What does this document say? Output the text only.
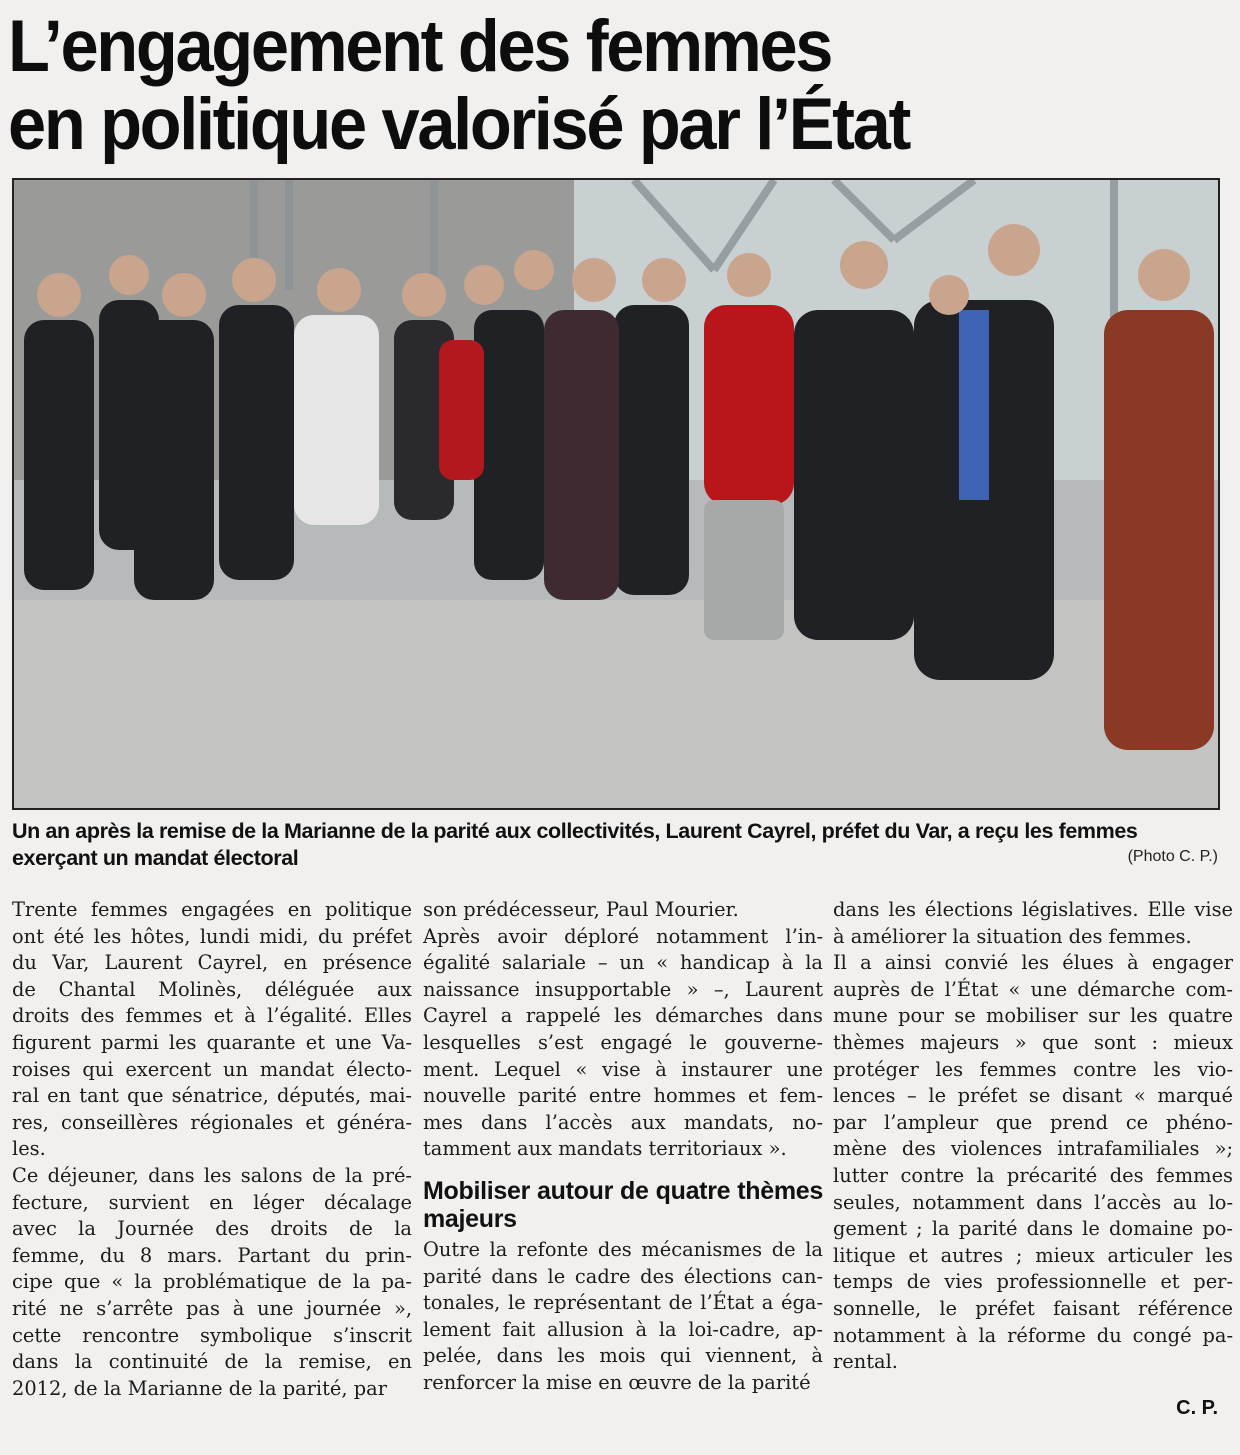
L’engagement des femmes
en politique valorisé par l’État
Un an après la remise de la Marianne de la parité aux collectivités, Laurent Cayrel, préfet du Var, a reçu les femmes exerçant un mandat électoral	(Photo C. P.)
Trente femmes engagées en politique
ont été les hôtes, lundi midi, du préfet
du Var, Laurent Cayrel, en présence
de Chantal Molinès, déléguée aux
droits des femmes et à l’égalité. Elles
figurent parmi les quarante et une Va-
roises qui exercent un mandat électo-
ral en tant que sénatrice, députés, mai-
res, conseillères régionales et généra-
les.
Ce déjeuner, dans les salons de la pré-
fecture, survient en léger décalage
avec la Journée des droits de la
femme, du 8 mars. Partant du prin-
cipe que « la problématique de la pa-
rité ne s’arrête pas à une journée »,
cette rencontre symbolique s’inscrit
dans la continuité de la remise, en
2012, de la Marianne de la parité, par
son prédécesseur, Paul Mourier.
Après avoir déploré notamment l’in-
égalité salariale – un « handicap à la
naissance insupportable » –, Laurent
Cayrel a rappelé les démarches dans
lesquelles s’est engagé le gouverne-
ment. Lequel « vise à instaurer une
nouvelle parité entre hommes et fem-
mes dans l’accès aux mandats, no-
tamment aux mandats territoriaux ».
Mobiliser autour de quatre thèmes majeurs
Outre la refonte des mécanismes de la
parité dans le cadre des élections can-
tonales, le représentant de l’État a éga-
lement fait allusion à la loi-cadre, ap-
pelée, dans les mois qui viennent, à
renforcer la mise en œuvre de la parité
dans les élections législatives. Elle vise
à améliorer la situation des femmes.
Il a ainsi convié les élues à engager
auprès de l’État « une démarche com-
mune pour se mobiliser sur les quatre
thèmes majeurs » que sont : mieux
protéger les femmes contre les vio-
lences – le préfet se disant « marqué
par l’ampleur que prend ce phéno-
mène des violences intrafamiliales »;
lutter contre la précarité des femmes
seules, notamment dans l’accès au lo-
gement ; la parité dans le domaine po-
litique et autres ; mieux articuler les
temps de vies professionnelle et per-
sonnelle, le préfet faisant référence
notamment à la réforme du congé pa-
rental.
C. P.
